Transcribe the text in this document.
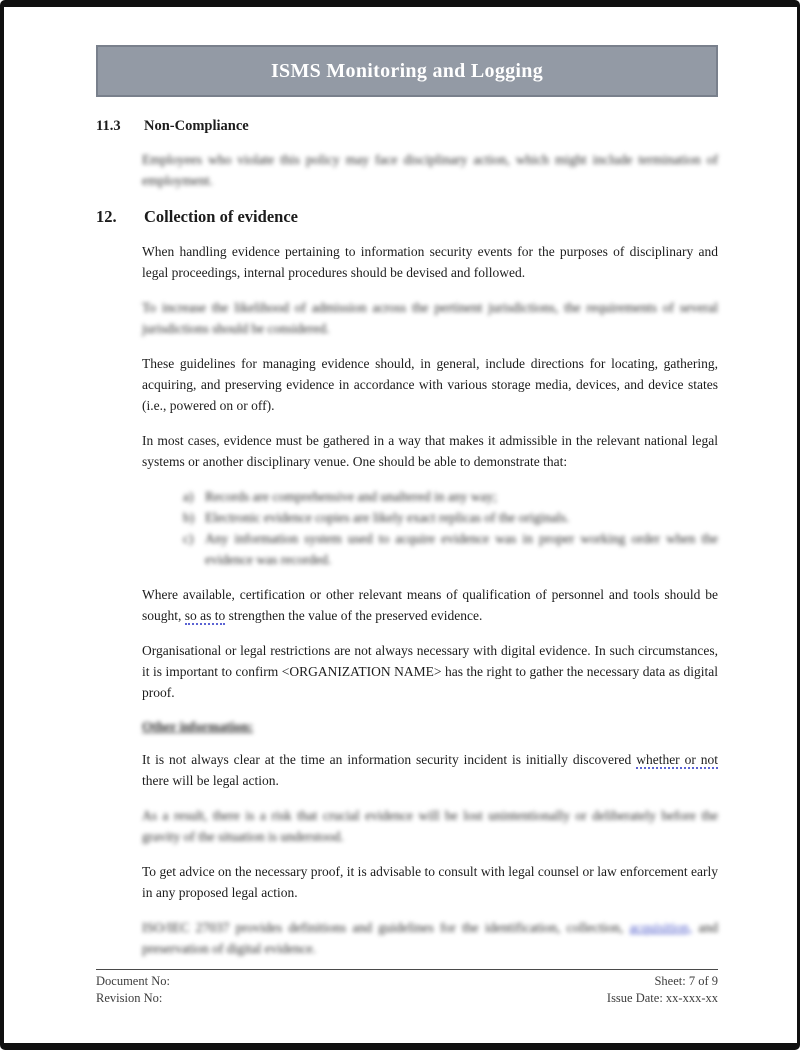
ISMS Monitoring and Logging
11.3	Non-Compliance

Employees who violate this policy may face disciplinary action, which might include termination of employment.

12.	Collection of evidence

When handling evidence pertaining to information security events for the purposes of disciplinary and legal proceedings, internal procedures should be devised and followed.

To increase the likelihood of admission across the pertinent jurisdictions, the requirements of several jurisdictions should be considered.

These guidelines for managing evidence should, in general, include directions for locating, gathering, acquiring, and preserving evidence in accordance with various storage media, devices, and device states (i.e., powered on or off).

In most cases, evidence must be gathered in a way that makes it admissible in the relevant national legal systems or another disciplinary venue. One should be able to demonstrate that:

a) Records are comprehensive and unaltered in any way;
b) Electronic evidence copies are likely exact replicas of the originals.
c) Any information system used to acquire evidence was in proper working order when the evidence was recorded.

Where available, certification or other relevant means of qualification of personnel and tools should be sought, so as to strengthen the value of the preserved evidence.

Organisational or legal restrictions are not always necessary with digital evidence. In such circumstances, it is important to confirm <ORGANIZATION NAME> has the right to gather the necessary data as digital proof.

Other information:

It is not always clear at the time an information security incident is initially discovered whether or not there will be legal action.

As a result, there is a risk that crucial evidence will be lost unintentionally or deliberately before the gravity of the situation is understood.

To get advice on the necessary proof, it is advisable to consult with legal counsel or law enforcement early in any proposed legal action.

ISO/IEC 27037 provides definitions and guidelines for the identification, collection, acquisition, and preservation of digital evidence.

Document No:
Revision No:
Sheet: 7 of 9
Issue Date: xx-xxx-xx
